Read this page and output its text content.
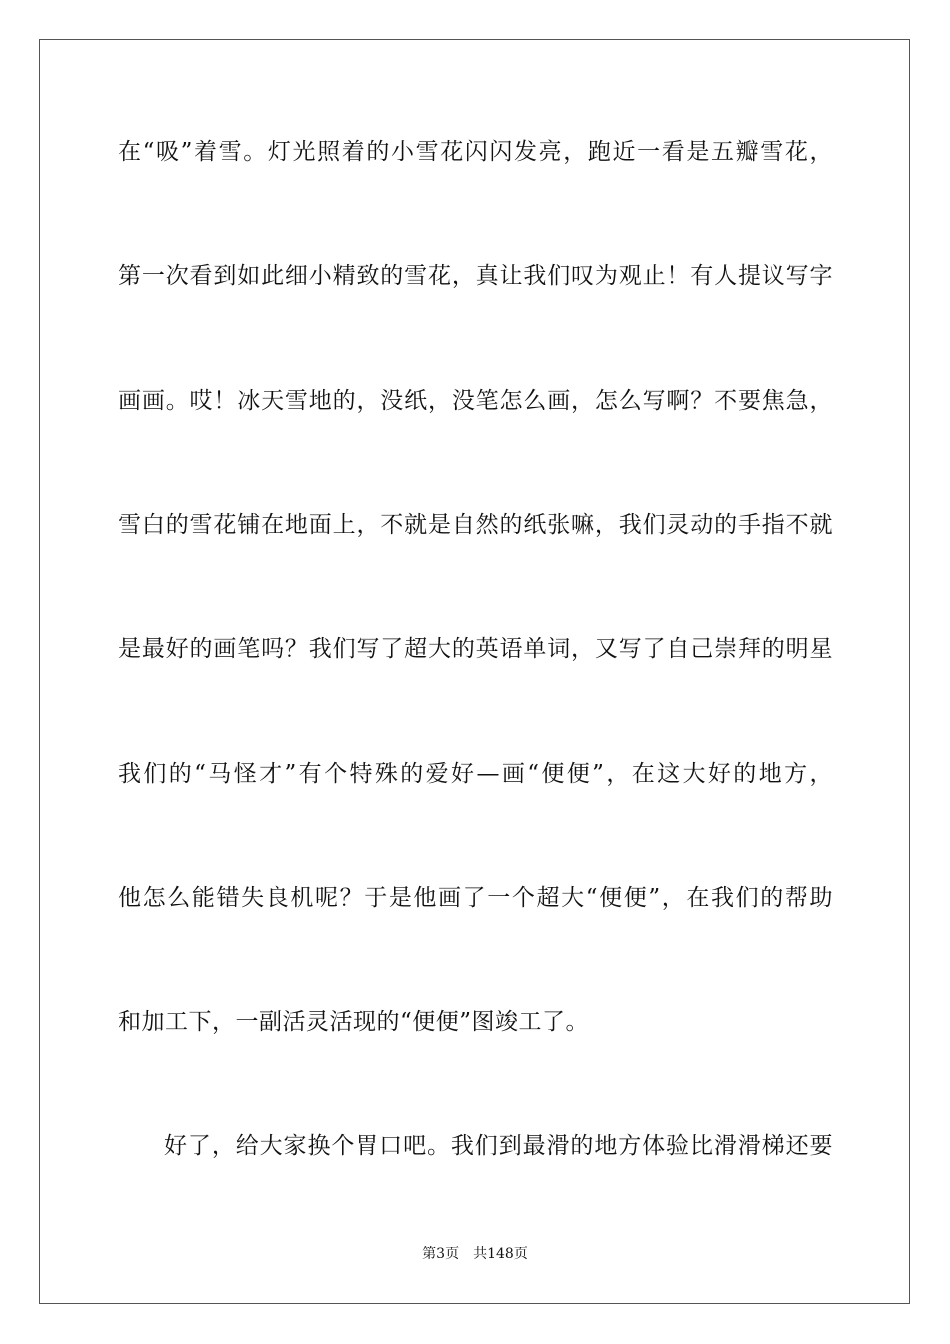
在“吸”着雪。灯光照着的小雪花闪闪发亮，跑近一看是五瓣雪花，
第一次看到如此细小精致的雪花，真让我们叹为观止！有人提议写字
画画。哎！冰天雪地的，没纸，没笔怎么画，怎么写啊？不要焦急，
雪白的雪花铺在地面上，不就是自然的纸张嘛，我们灵动的手指不就
是最好的画笔吗？我们写了超大的英语单词，又写了自己崇拜的明星
我们的“马怪才”有个特殊的爱好—画“便便”，在这大好的地方，
他怎么能错失良机呢？于是他画了一个超大“便便”，在我们的帮助
和加工下，一副活灵活现的“便便”图竣工了。
好了，给大家换个胃口吧。我们到最滑的地方体验比滑滑梯还要
第3页 共148页
